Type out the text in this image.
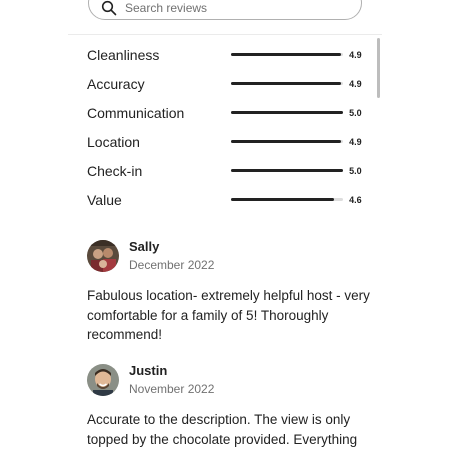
Search reviews
Cleanliness	4.9
Accuracy	4.9
Communication	5.0
Location	4.9
Check-in	5.0
Value	4.6
Sally
December 2022

Fabulous location- extremely helpful host - very comfortable for a family of 5! Thoroughly recommend!

Justin
November 2022

Accurate to the description. The view is only topped by the chocolate provided. Everything
